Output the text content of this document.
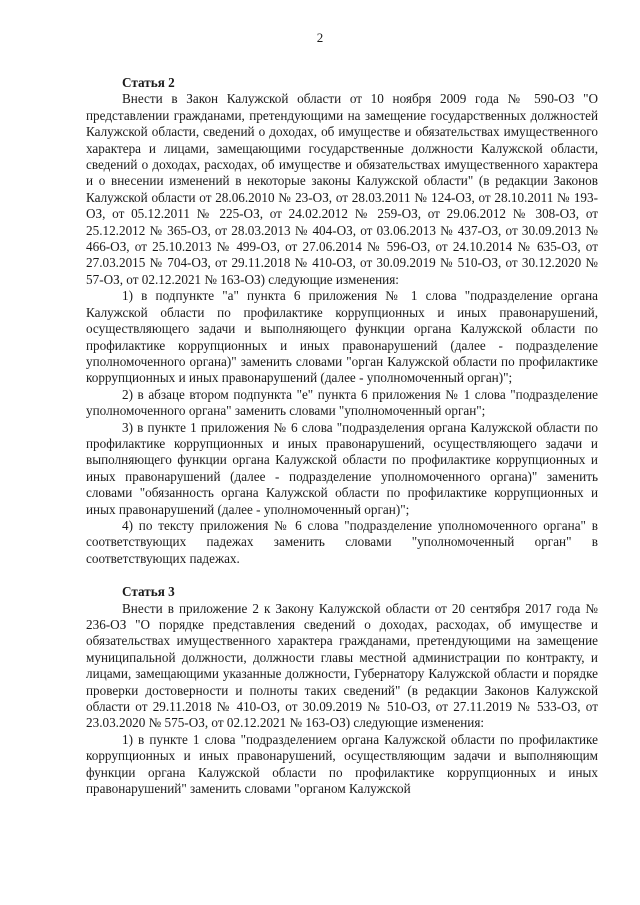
2

Статья 2

Внести в Закон Калужской области от 10 ноября 2009 года № 590-ОЗ "О представлении гражданами, претендующими на замещение государственных должностей Калужской области, сведений о доходах, об имуществе и обязательствах имущественного характера и лицами, замещающими государственные должности Калужской области, сведений о доходах, расходах, об имуществе и обязательствах имущественного характера и о внесении изменений в некоторые законы Калужской области" (в редакции Законов Калужской области от 28.06.2010 № 23-ОЗ, от 28.03.2011 № 124-ОЗ, от 28.10.2011 № 193-ОЗ, от 05.12.2011 № 225-ОЗ, от 24.02.2012 № 259-ОЗ, от 29.06.2012 № 308-ОЗ, от 25.12.2012 № 365-ОЗ, от 28.03.2013 № 404-ОЗ, от 03.06.2013 № 437-ОЗ, от 30.09.2013 № 466-ОЗ, от 25.10.2013 № 499-ОЗ, от 27.06.2014 № 596-ОЗ, от 24.10.2014 № 635-ОЗ, от 27.03.2015 № 704-ОЗ, от 29.11.2018 № 410-ОЗ, от 30.09.2019 № 510-ОЗ, от 30.12.2020 № 57-ОЗ, от 02.12.2021 № 163-ОЗ) следующие изменения:

1) в подпункте "а" пункта 6 приложения № 1 слова "подразделение органа Калужской области по профилактике коррупционных и иных правонарушений, осуществляющего задачи и выполняющего функции органа Калужской области по профилактике коррупционных и иных правонарушений (далее - подразделение уполномоченного органа)" заменить словами "орган Калужской области по профилактике коррупционных и иных правонарушений (далее - уполномоченный орган)";

2) в абзаце втором подпункта "е" пункта 6 приложения № 1 слова "подразделение уполномоченного органа" заменить словами "уполномоченный орган";

3) в пункте 1 приложения № 6 слова "подразделения органа Калужской области по профилактике коррупционных и иных правонарушений, осуществляющего задачи и выполняющего функции органа Калужской области по профилактике коррупционных и иных правонарушений (далее - подразделение уполномоченного органа)" заменить словами "обязанность органа Калужской области по профилактике коррупционных и иных правонарушений (далее - уполномоченный орган)";

4) по тексту приложения № 6 слова "подразделение уполномоченного органа" в соответствующих падежах заменить словами "уполномоченный орган" в соответствующих падежах.

Статья 3

Внести в приложение 2 к Закону Калужской области от 20 сентября 2017 года № 236-ОЗ "О порядке представления сведений о доходах, расходах, об имуществе и обязательствах имущественного характера гражданами, претендующими на замещение муниципальной должности, должности главы местной администрации по контракту, и лицами, замещающими указанные должности, Губернатору Калужской области и порядке проверки достоверности и полноты таких сведений" (в редакции Законов Калужской области от 29.11.2018 № 410-ОЗ, от 30.09.2019 № 510-ОЗ, от 27.11.2019 № 533-ОЗ, от 23.03.2020 № 575-ОЗ, от 02.12.2021 № 163-ОЗ) следующие изменения:

1) в пункте 1 слова "подразделением органа Калужской области по профилактике коррупционных и иных правонарушений, осуществляющим задачи и выполняющим функции органа Калужской области по профилактике коррупционных и иных правонарушений" заменить словами "органом Калужской
